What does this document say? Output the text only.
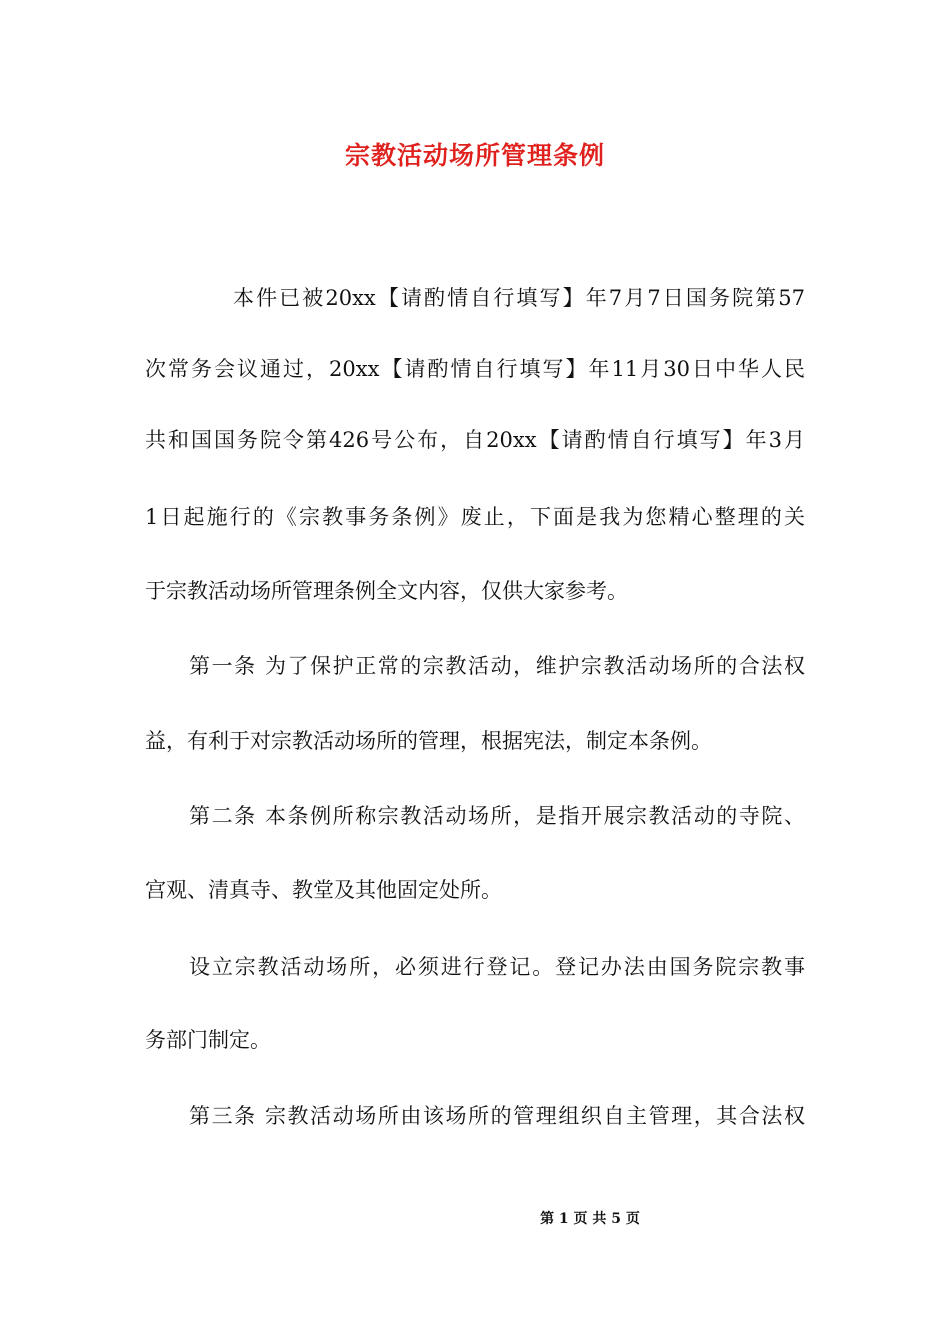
宗教活动场所管理条例
本件已被20xx【请酌情自行填写】年7月7日国务院第57
次常务会议通过，20xx【请酌情自行填写】年11月30日中华人民
共和国国务院令第426号公布，自20xx【请酌情自行填写】年3月
1日起施行的《宗教事务条例》废止，下面是我为您精心整理的关
于宗教活动场所管理条例全文内容，仅供大家参考。
第一条 为了保护正常的宗教活动，维护宗教活动场所的合法权
益，有利于对宗教活动场所的管理，根据宪法，制定本条例。
第二条 本条例所称宗教活动场所，是指开展宗教活动的寺院、
宫观、清真寺、教堂及其他固定处所。
设立宗教活动场所，必须进行登记。登记办法由国务院宗教事
务部门制定。
第三条 宗教活动场所由该场所的管理组织自主管理，其合法权
第 1 页 共 5 页
